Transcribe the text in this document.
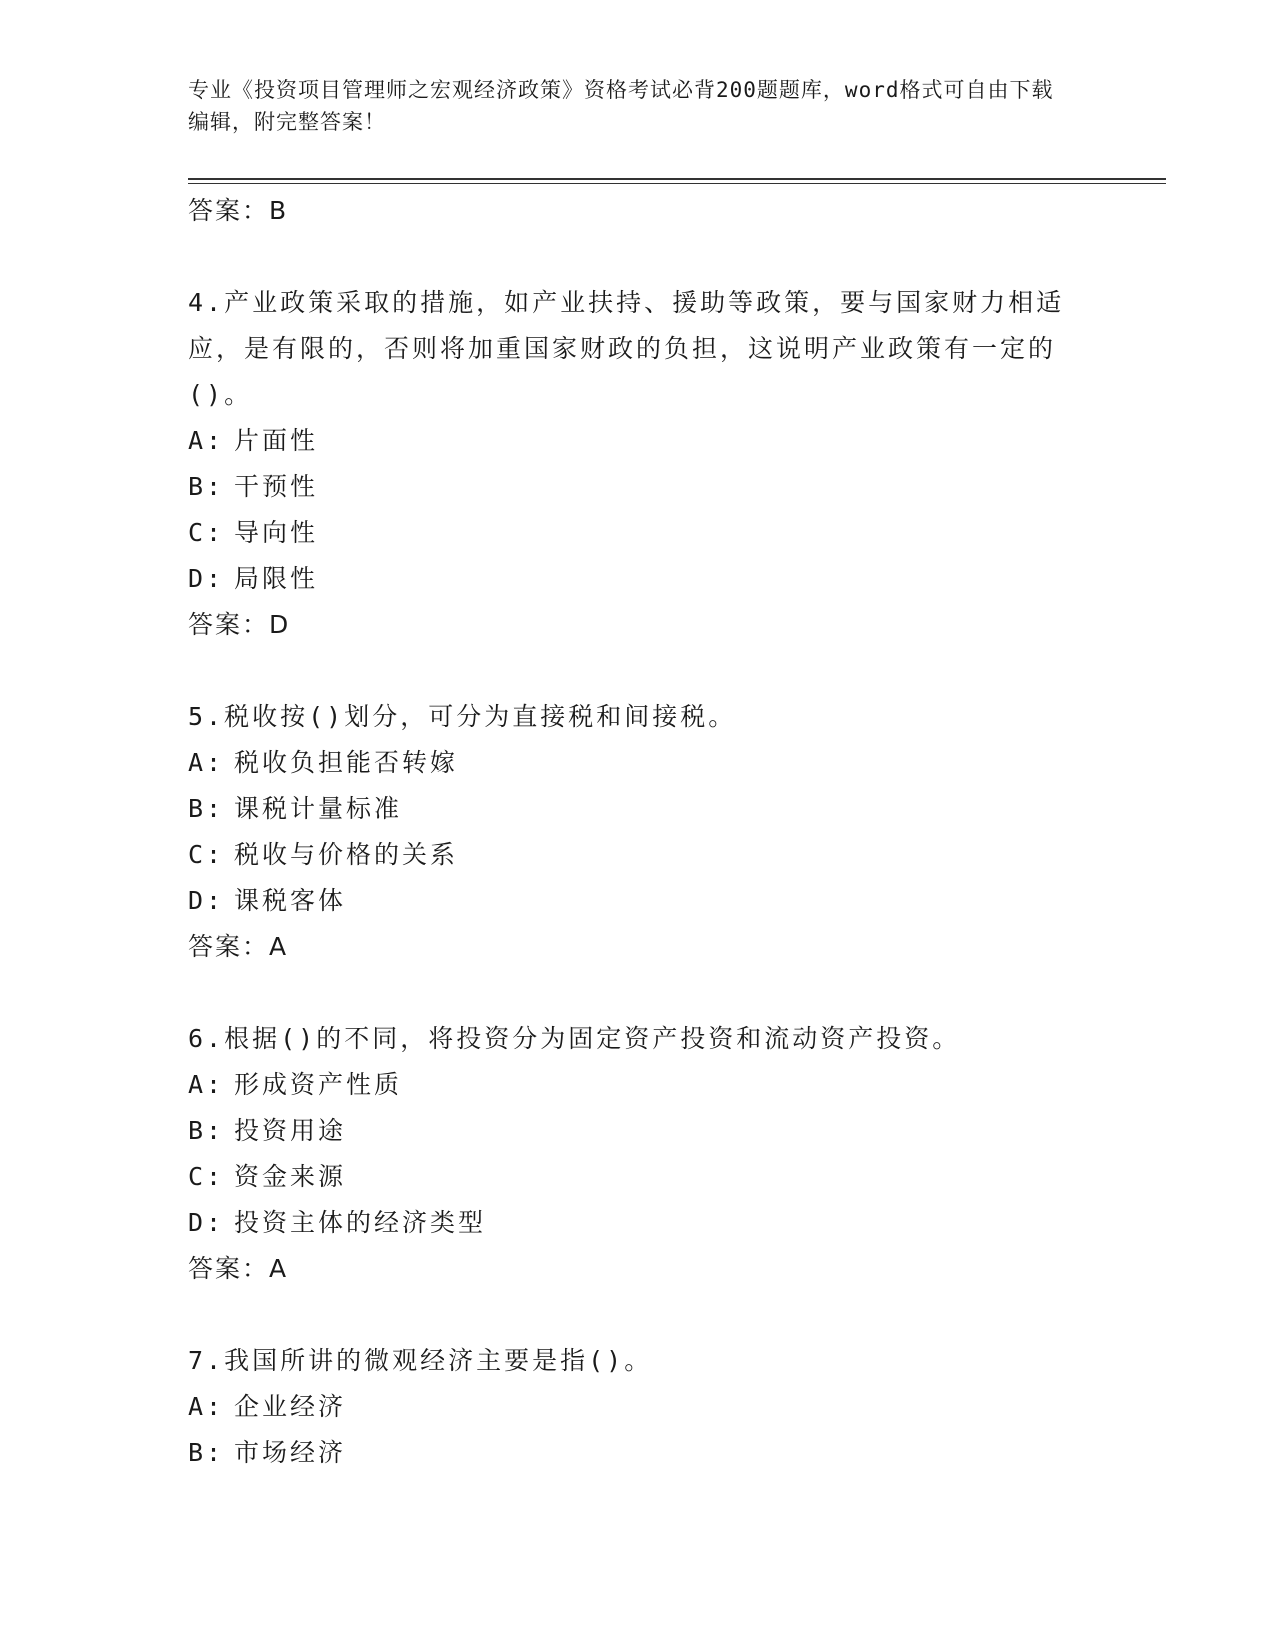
专业《投资项目管理师之宏观经济政策》资格考试必背200题题库，word格式可自由下载编辑，附完整答案！
答案：B
4.产业政策采取的措施，如产业扶持、援助等政策，要与国家财力相适应，是有限的，否则将加重国家财政的负担，这说明产业政策有一定的()。
A: 片面性
B: 干预性
C: 导向性
D: 局限性
答案：D
5.税收按()划分，可分为直接税和间接税。
A: 税收负担能否转嫁
B: 课税计量标准
C: 税收与价格的关系
D: 课税客体
答案：A
6.根据()的不同，将投资分为固定资产投资和流动资产投资。
A: 形成资产性质
B: 投资用途
C: 资金来源
D: 投资主体的经济类型
答案：A
7.我国所讲的微观经济主要是指()。
A: 企业经济
B: 市场经济
